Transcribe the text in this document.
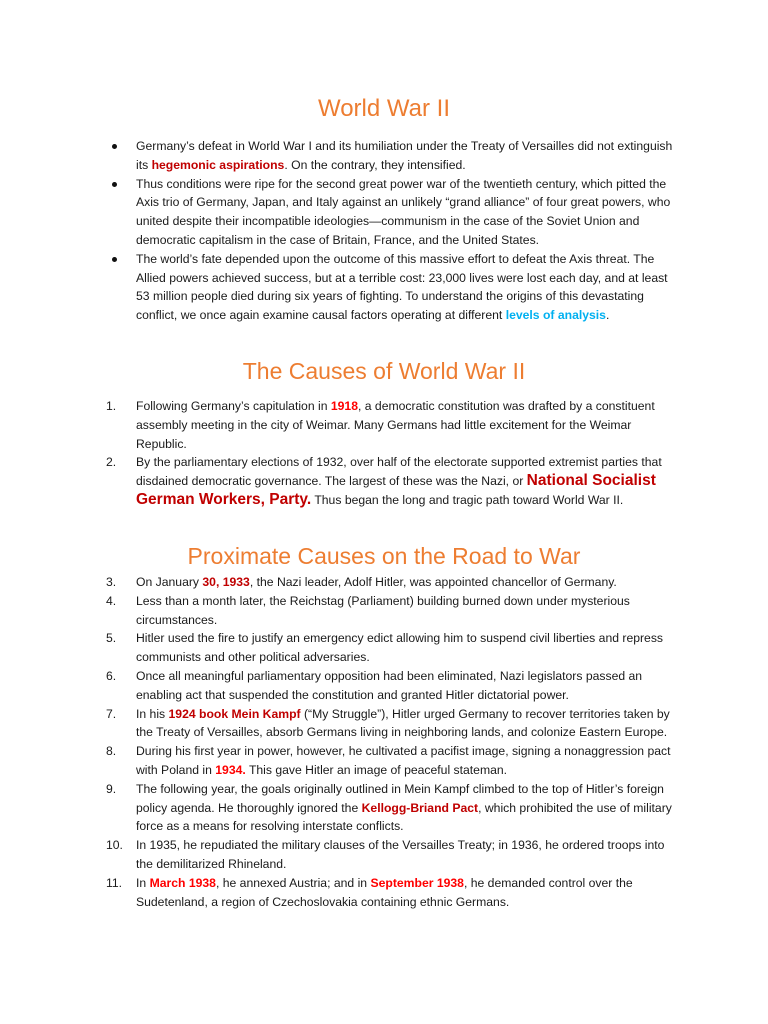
World War II
Germany’s defeat in World War I and its humiliation under the Treaty of Versailles did not extinguish its hegemonic aspirations. On the contrary, they intensified.
Thus conditions were ripe for the second great power war of the twentieth century, which pitted the Axis trio of Germany, Japan, and Italy against an unlikely “grand alliance” of four great powers, who united despite their incompatible ideologies—communism in the case of the Soviet Union and democratic capitalism in the case of Britain, France, and the United States.
The world’s fate depended upon the outcome of this massive effort to defeat the Axis threat. The Allied powers achieved success, but at a terrible cost: 23,000 lives were lost each day, and at least 53 million people died during six years of fighting. To understand the origins of this devastating conflict, we once again examine causal factors operating at different levels of analysis.
The Causes of World War II
1.	Following Germany’s capitulation in 1918, a democratic constitution was drafted by a constituent assembly meeting in the city of Weimar. Many Germans had little excitement for the Weimar Republic.
2.	By the parliamentary elections of 1932, over half of the electorate supported extremist parties that disdained democratic governance. The largest of these was the Nazi, or National Socialist German Workers, Party. Thus began the long and tragic path toward World War II.
Proximate Causes on the Road to War
3.	On January 30, 1933, the Nazi leader, Adolf Hitler, was appointed chancellor of Germany.
4.	Less than a month later, the Reichstag (Parliament) building burned down under mysterious circumstances.
5.	Hitler used the fire to justify an emergency edict allowing him to suspend civil liberties and repress communists and other political adversaries.
6.	Once all meaningful parliamentary opposition had been eliminated, Nazi legislators passed an enabling act that suspended the constitution and granted Hitler dictatorial power.
7.	In his 1924 book Mein Kampf (“My Struggle”), Hitler urged Germany to recover territories taken by the Treaty of Versailles, absorb Germans living in neighboring lands, and colonize Eastern Europe.
8.	During his first year in power, however, he cultivated a pacifist image, signing a nonaggression pact with Poland in 1934. This gave Hitler an image of peaceful stateman.
9.	The following year, the goals originally outlined in Mein Kampf climbed to the top of Hitler’s foreign policy agenda. He thoroughly ignored the Kellogg-Briand Pact, which prohibited the use of military force as a means for resolving interstate conflicts.
10.	In 1935, he repudiated the military clauses of the Versailles Treaty; in 1936, he ordered troops into the demilitarized Rhineland.
11.	In March 1938, he annexed Austria; and in September 1938, he demanded control over the Sudetenland, a region of Czechoslovakia containing ethnic Germans.
